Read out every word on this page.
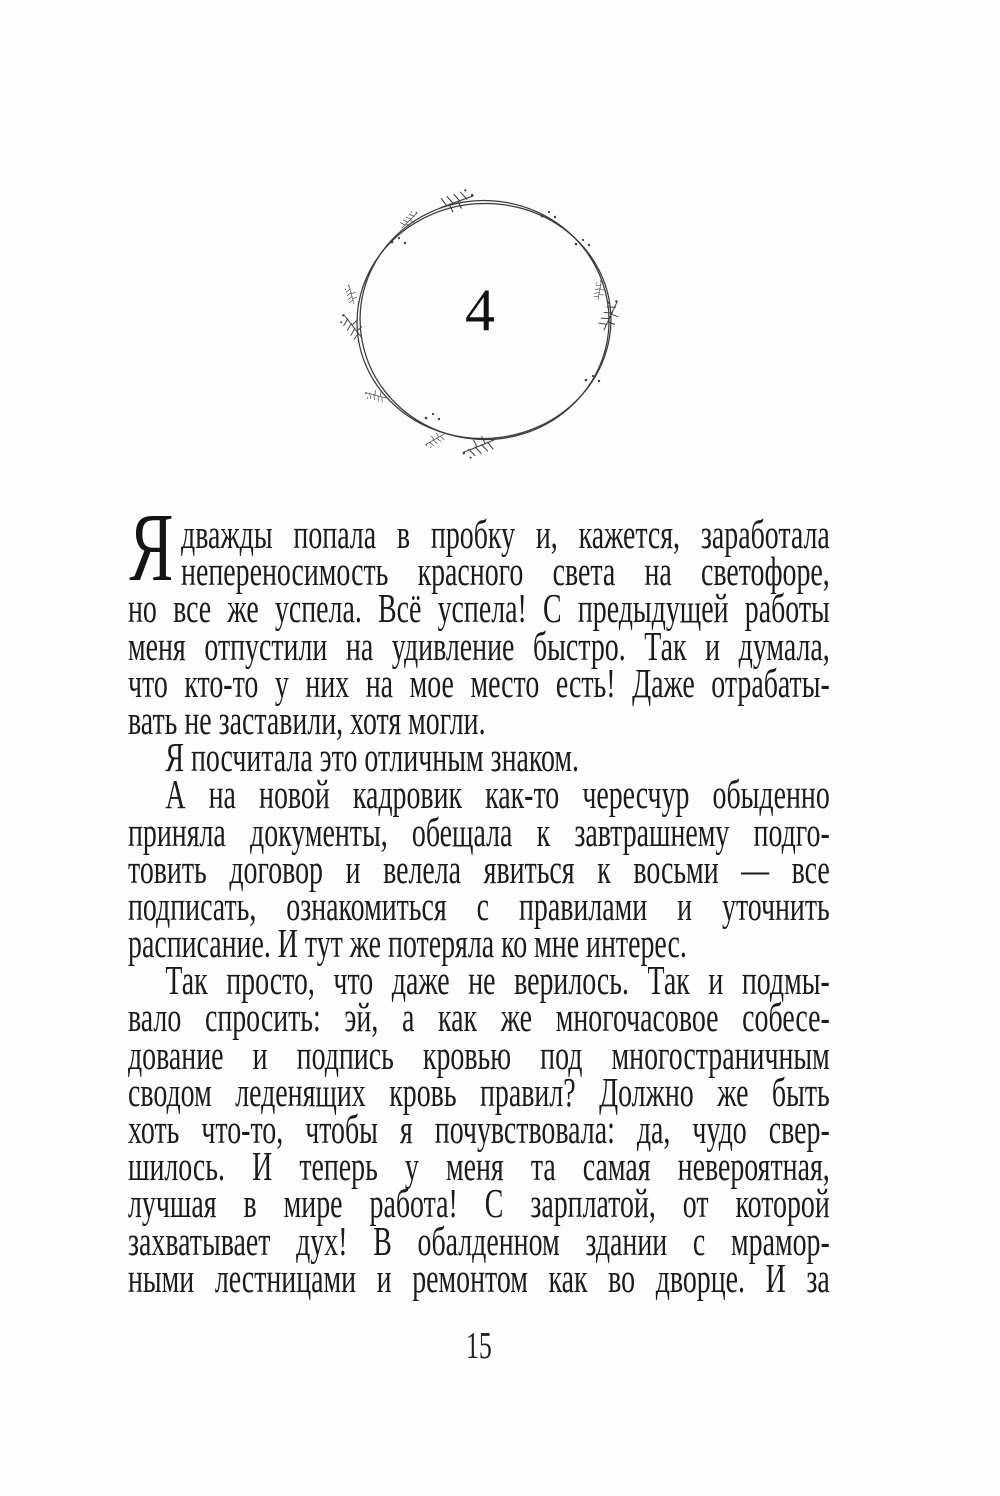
4
Я дважды попала в пробку и, кажется, заработала
непереносимость красного света на светофоре,
но все же успела. Всё успела! С предыдущей работы
меня отпустили на удивление быстро. Так и думала,
что кто-то у них на мое место есть! Даже отрабаты-
вать не заставили, хотя могли.
Я посчитала это отличным знаком.
А на новой кадровик как-то чересчур обыденно
приняла документы, обещала к завтрашнему подго-
товить договор и велела явиться к восьми — все
подписать, ознакомиться с правилами и уточнить
расписание. И тут же потеряла ко мне интерес.
Так просто, что даже не верилось. Так и подмы-
вало спросить: эй, а как же многочасовое собесе-
дование и подпись кровью под многостраничным
сводом леденящих кровь правил? Должно же быть
хоть что-то, чтобы я почувствовала: да, чудо свер-
шилось. И теперь у меня та самая невероятная,
лучшая в мире работа! С зарплатой, от которой
захватывает дух! В обалденном здании с мрамор-
ными лестницами и ремонтом как во дворце. И за
15
